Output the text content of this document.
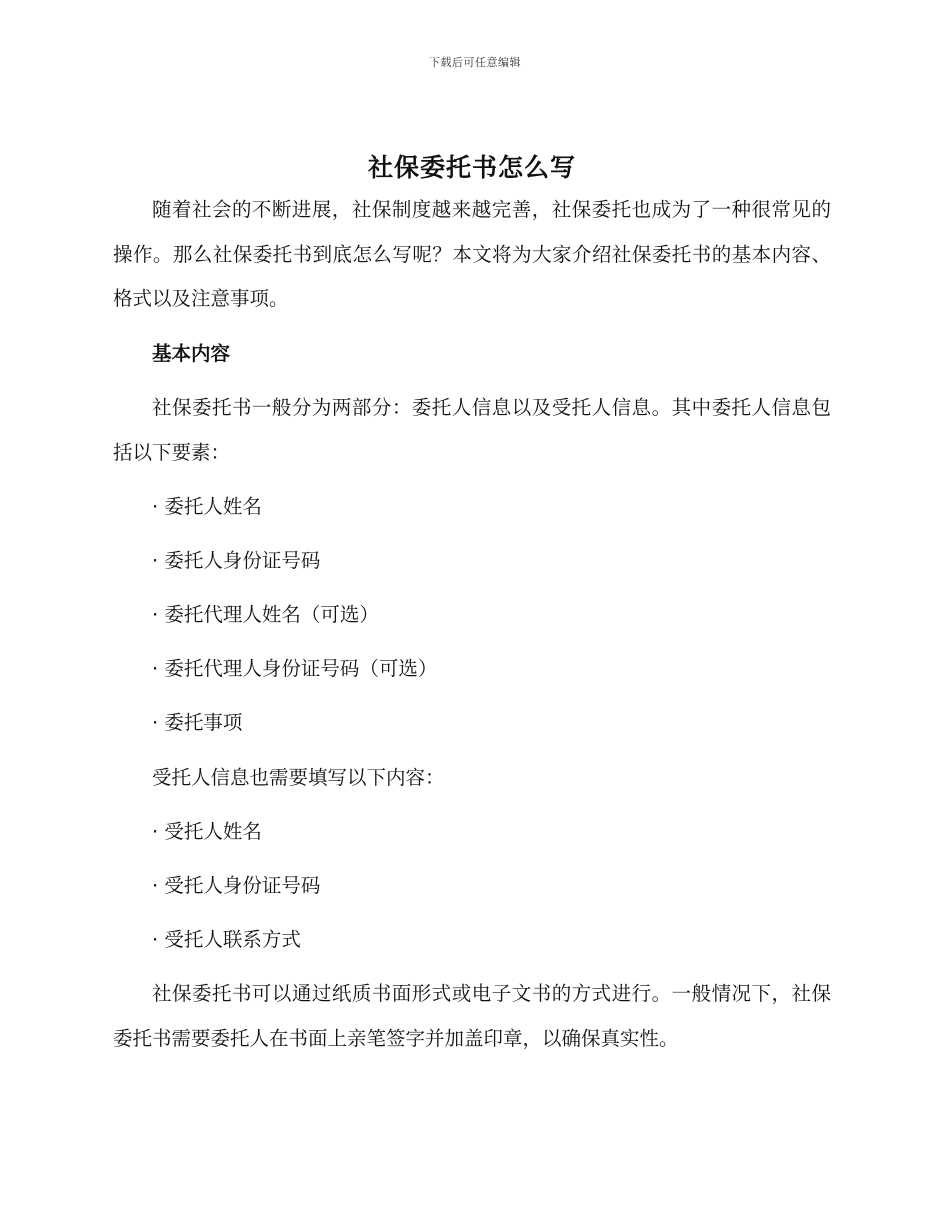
下载后可任意编辑
社保委托书怎么写

随着社会的不断进展，社保制度越来越完善，社保委托也成为了一种很常见的操作。那么社保委托书到底怎么写呢？本文将为大家介绍社保委托书的基本内容、格式以及注意事项。

基本内容

社保委托书一般分为两部分：委托人信息以及受托人信息。其中委托人信息包括以下要素：

· 委托人姓名

· 委托人身份证号码

· 委托代理人姓名（可选）

· 委托代理人身份证号码（可选）

· 委托事项

受托人信息也需要填写以下内容：

· 受托人姓名

· 受托人身份证号码

· 受托人联系方式

社保委托书可以通过纸质书面形式或电子文书的方式进行。一般情况下，社保委托书需要委托人在书面上亲笔签字并加盖印章，以确保真实性。
